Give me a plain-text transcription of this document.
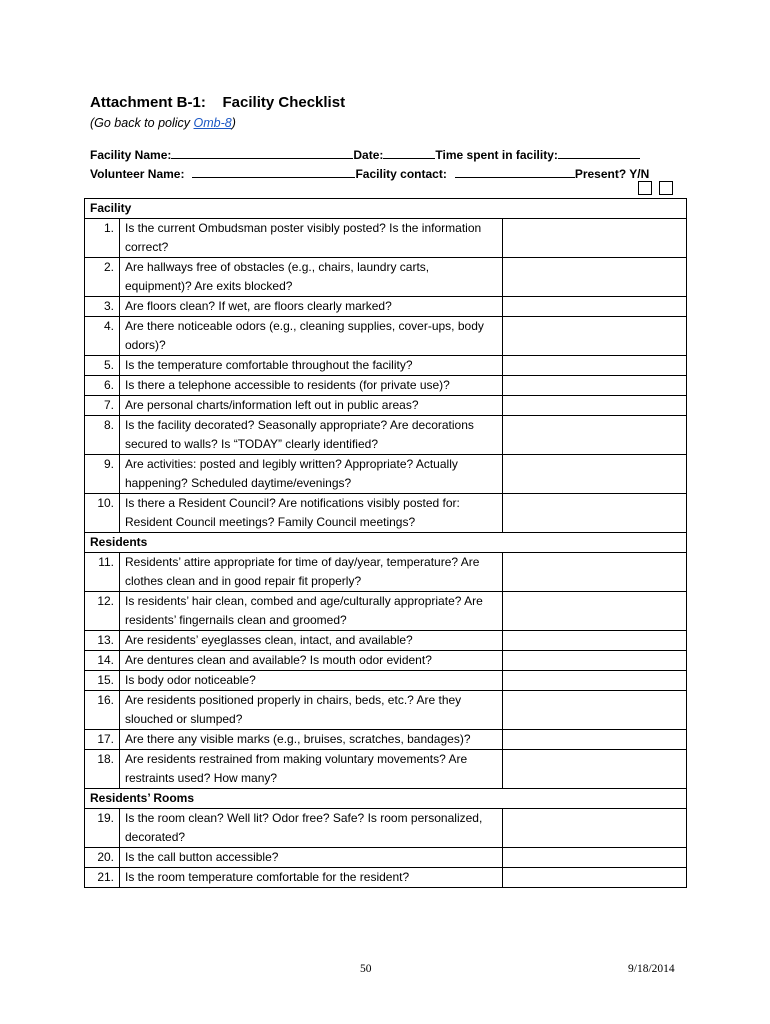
Attachment B-1:    Facility Checklist
(Go back to policy Omb-8)
Facility Name:	Date:	Time spent in facility:
Volunteer Name:	Facility contact:	Present? Y/N
Facility		
1.	Is the current Ombudsman poster visibly posted? Is the information correct?	
2.	Are hallways free of obstacles (e.g., chairs, laundry carts, equipment)? Are exits blocked?	
3.	Are floors clean? If wet, are floors clearly marked?	
4.	Are there noticeable odors (e.g., cleaning supplies, cover-ups, body odors)?	
5.	Is the temperature comfortable throughout the facility?	
6.	Is there a telephone accessible to residents (for private use)?	
7.	Are personal charts/information left out in public areas?	
8.	Is the facility decorated? Seasonally appropriate? Are decorations secured to walls? Is “TODAY” clearly identified?	
9.	Are activities: posted and legibly written? Appropriate? Actually happening? Scheduled daytime/evenings?	
10.	Is there a Resident Council? Are notifications visibly posted for: Resident Council meetings? Family Council meetings?	
Residents		
11.	Residents’ attire appropriate for time of day/year, temperature? Are clothes clean and in good repair fit properly?	
12.	Is residents’ hair clean, combed and age/culturally appropriate? Are residents’ fingernails clean and groomed?	
13.	Are residents’ eyeglasses clean, intact, and available?	
14.	Are dentures clean and available? Is mouth odor evident?	
15.	Is body odor noticeable?	
16.	Are residents positioned properly in chairs, beds, etc.? Are they slouched or slumped?	
17.	Are there any visible marks (e.g., bruises, scratches, bandages)?	
18.	Are residents restrained from making voluntary movements? Are restraints used? How many?	
Residents’ Rooms		
19.	Is the room clean? Well lit? Odor free? Safe? Is room personalized, decorated?	
20.	Is the call button accessible?	
21.	Is the room temperature comfortable for the resident?	
50	9/18/2014
